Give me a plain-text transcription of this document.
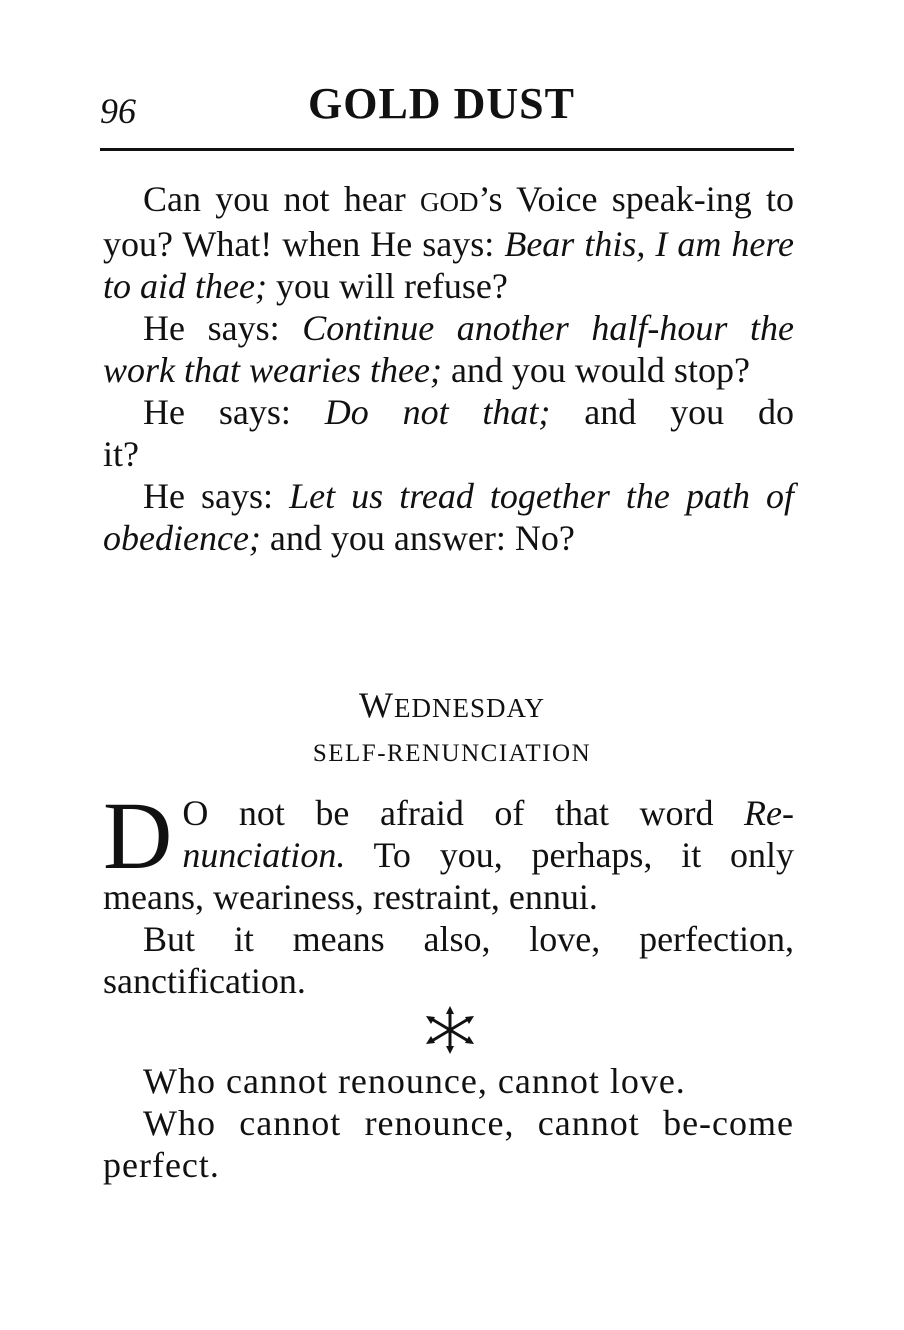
96	GOLD DUST

Can you not hear GOD’s Voice speak-ing to you? What! when He says: Bear this, I am here to aid thee; you will refuse?

He says: Continue another half-hour the work that wearies thee; and you would stop?

He says: Do not that; and you do it?

He says: Let us tread together the path of obedience; and you answer: No?

WEDNESDAY
SELF-RENUNCIATION

D O not be afraid of that word Re-nunciation. To you, perhaps, it only means, weariness, restraint, ennui.

But it means also, love, perfection, sanctification.

Who cannot renounce, cannot love.

Who cannot renounce, cannot be-come perfect.
